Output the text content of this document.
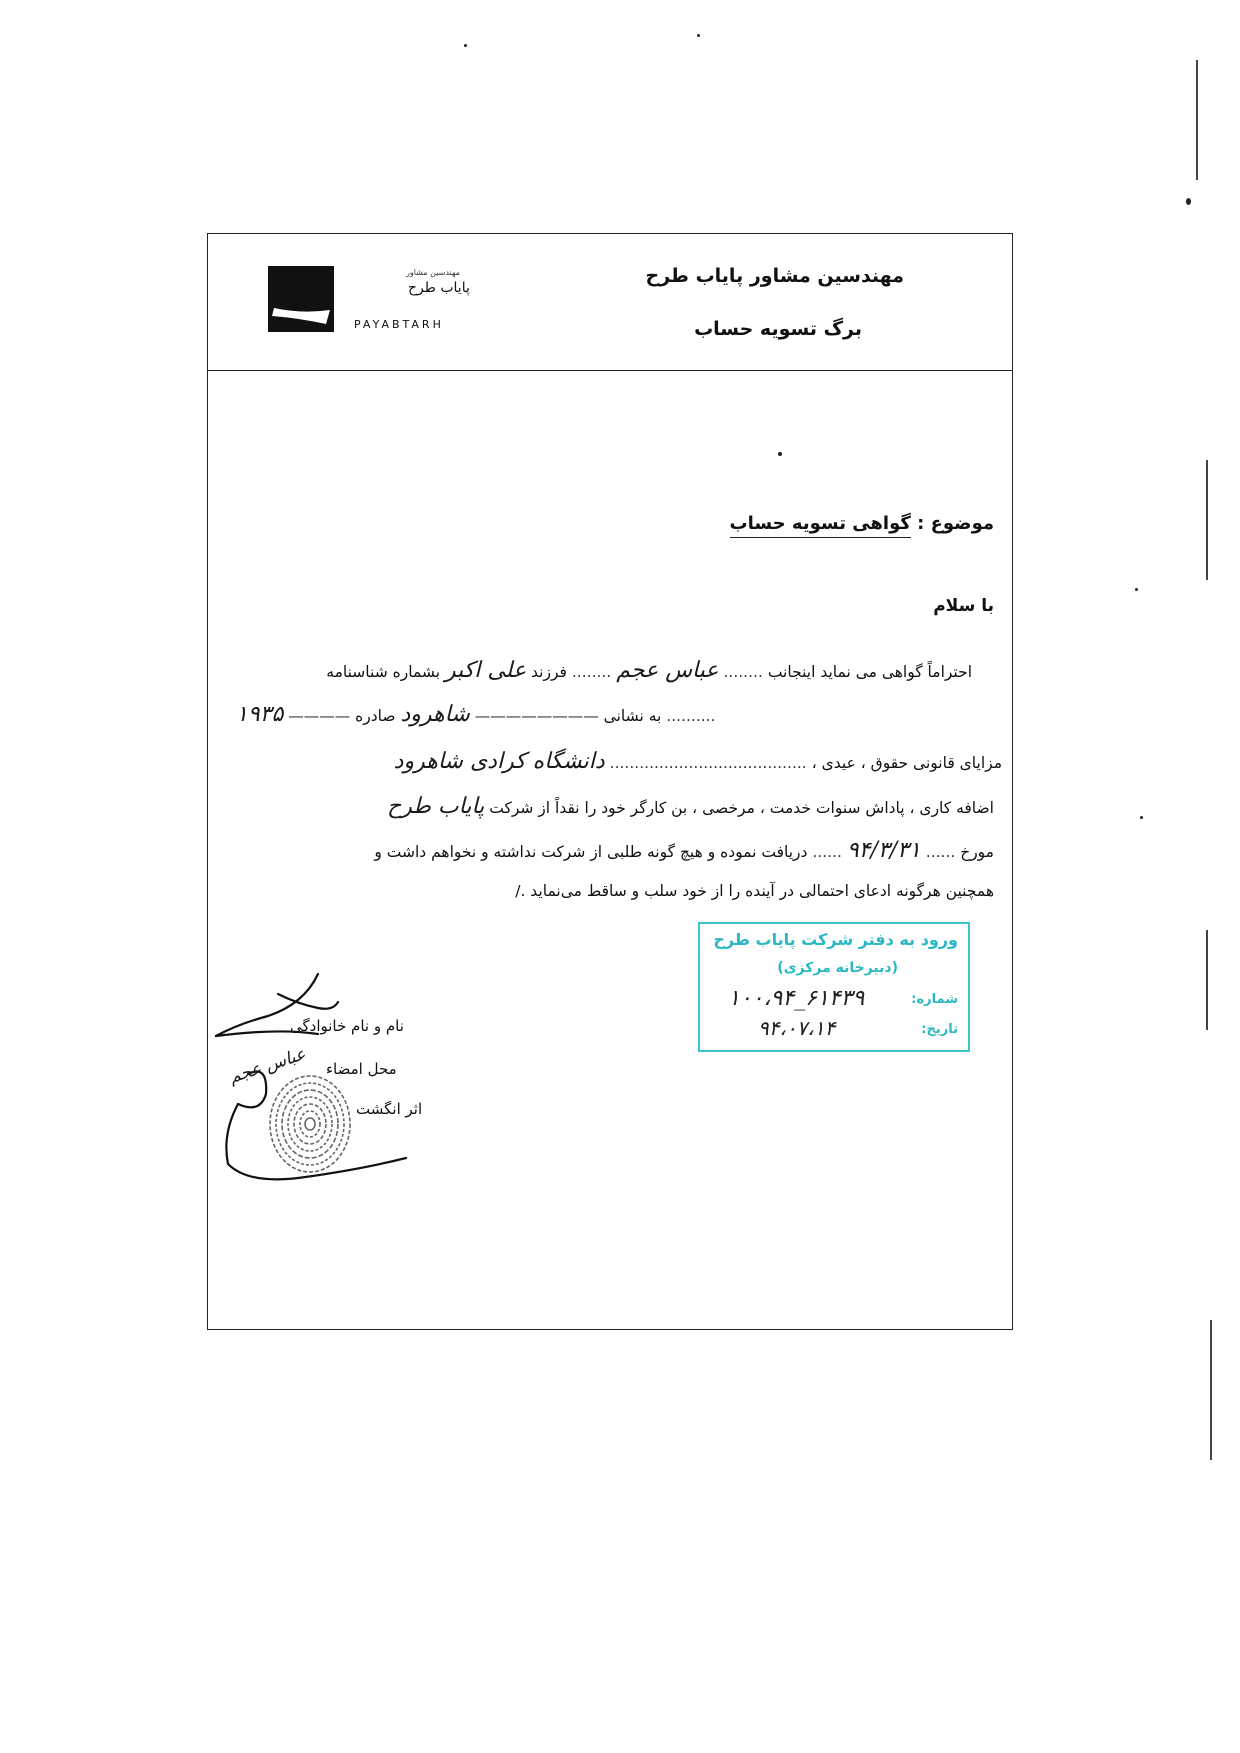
مهندسین مشاور پایاب طرح
برگ تسویه حساب
مهندسین مشاور
پایاب طرح
PAYABTARH
موضوع : گواهی تسویه حساب
با سلام
احتراماً گواهی می نماید اینجانب ........ عباس عجم ........ فرزند علی اکبر بشماره شناسنامه
به نشانی ———————— شاهرود صادره ———— ۱۹۳۵	..........
مزایای قانونی حقوق ، عیدی ، ........................................ دانشگاه کرادی شاهرود
اضافه کاری ، پاداش سنوات خدمت ، مرخصی ، بن کارگر خود را نقداً از شرکت پایاب طرح
مورخ ...... ۹۴/۳/۳۱ ...... دریافت نموده و هیچ گونه طلبی از شرکت نداشته و نخواهم داشت و
همچنین هرگونه ادعای احتمالی در آینده را از خود سلب و ساقط می‌نماید ./
ورود به دفتر شرکت پایاب طرح
(دبیرخانه مرکزی)
شماره:
۱۰۰،۹۴_۶۱۴۳۹
تاریخ:
۹۴،۰۷،۱۴
نام و نام خانوادگی
محل امضاء
اثر انگشت
عباس عجم
